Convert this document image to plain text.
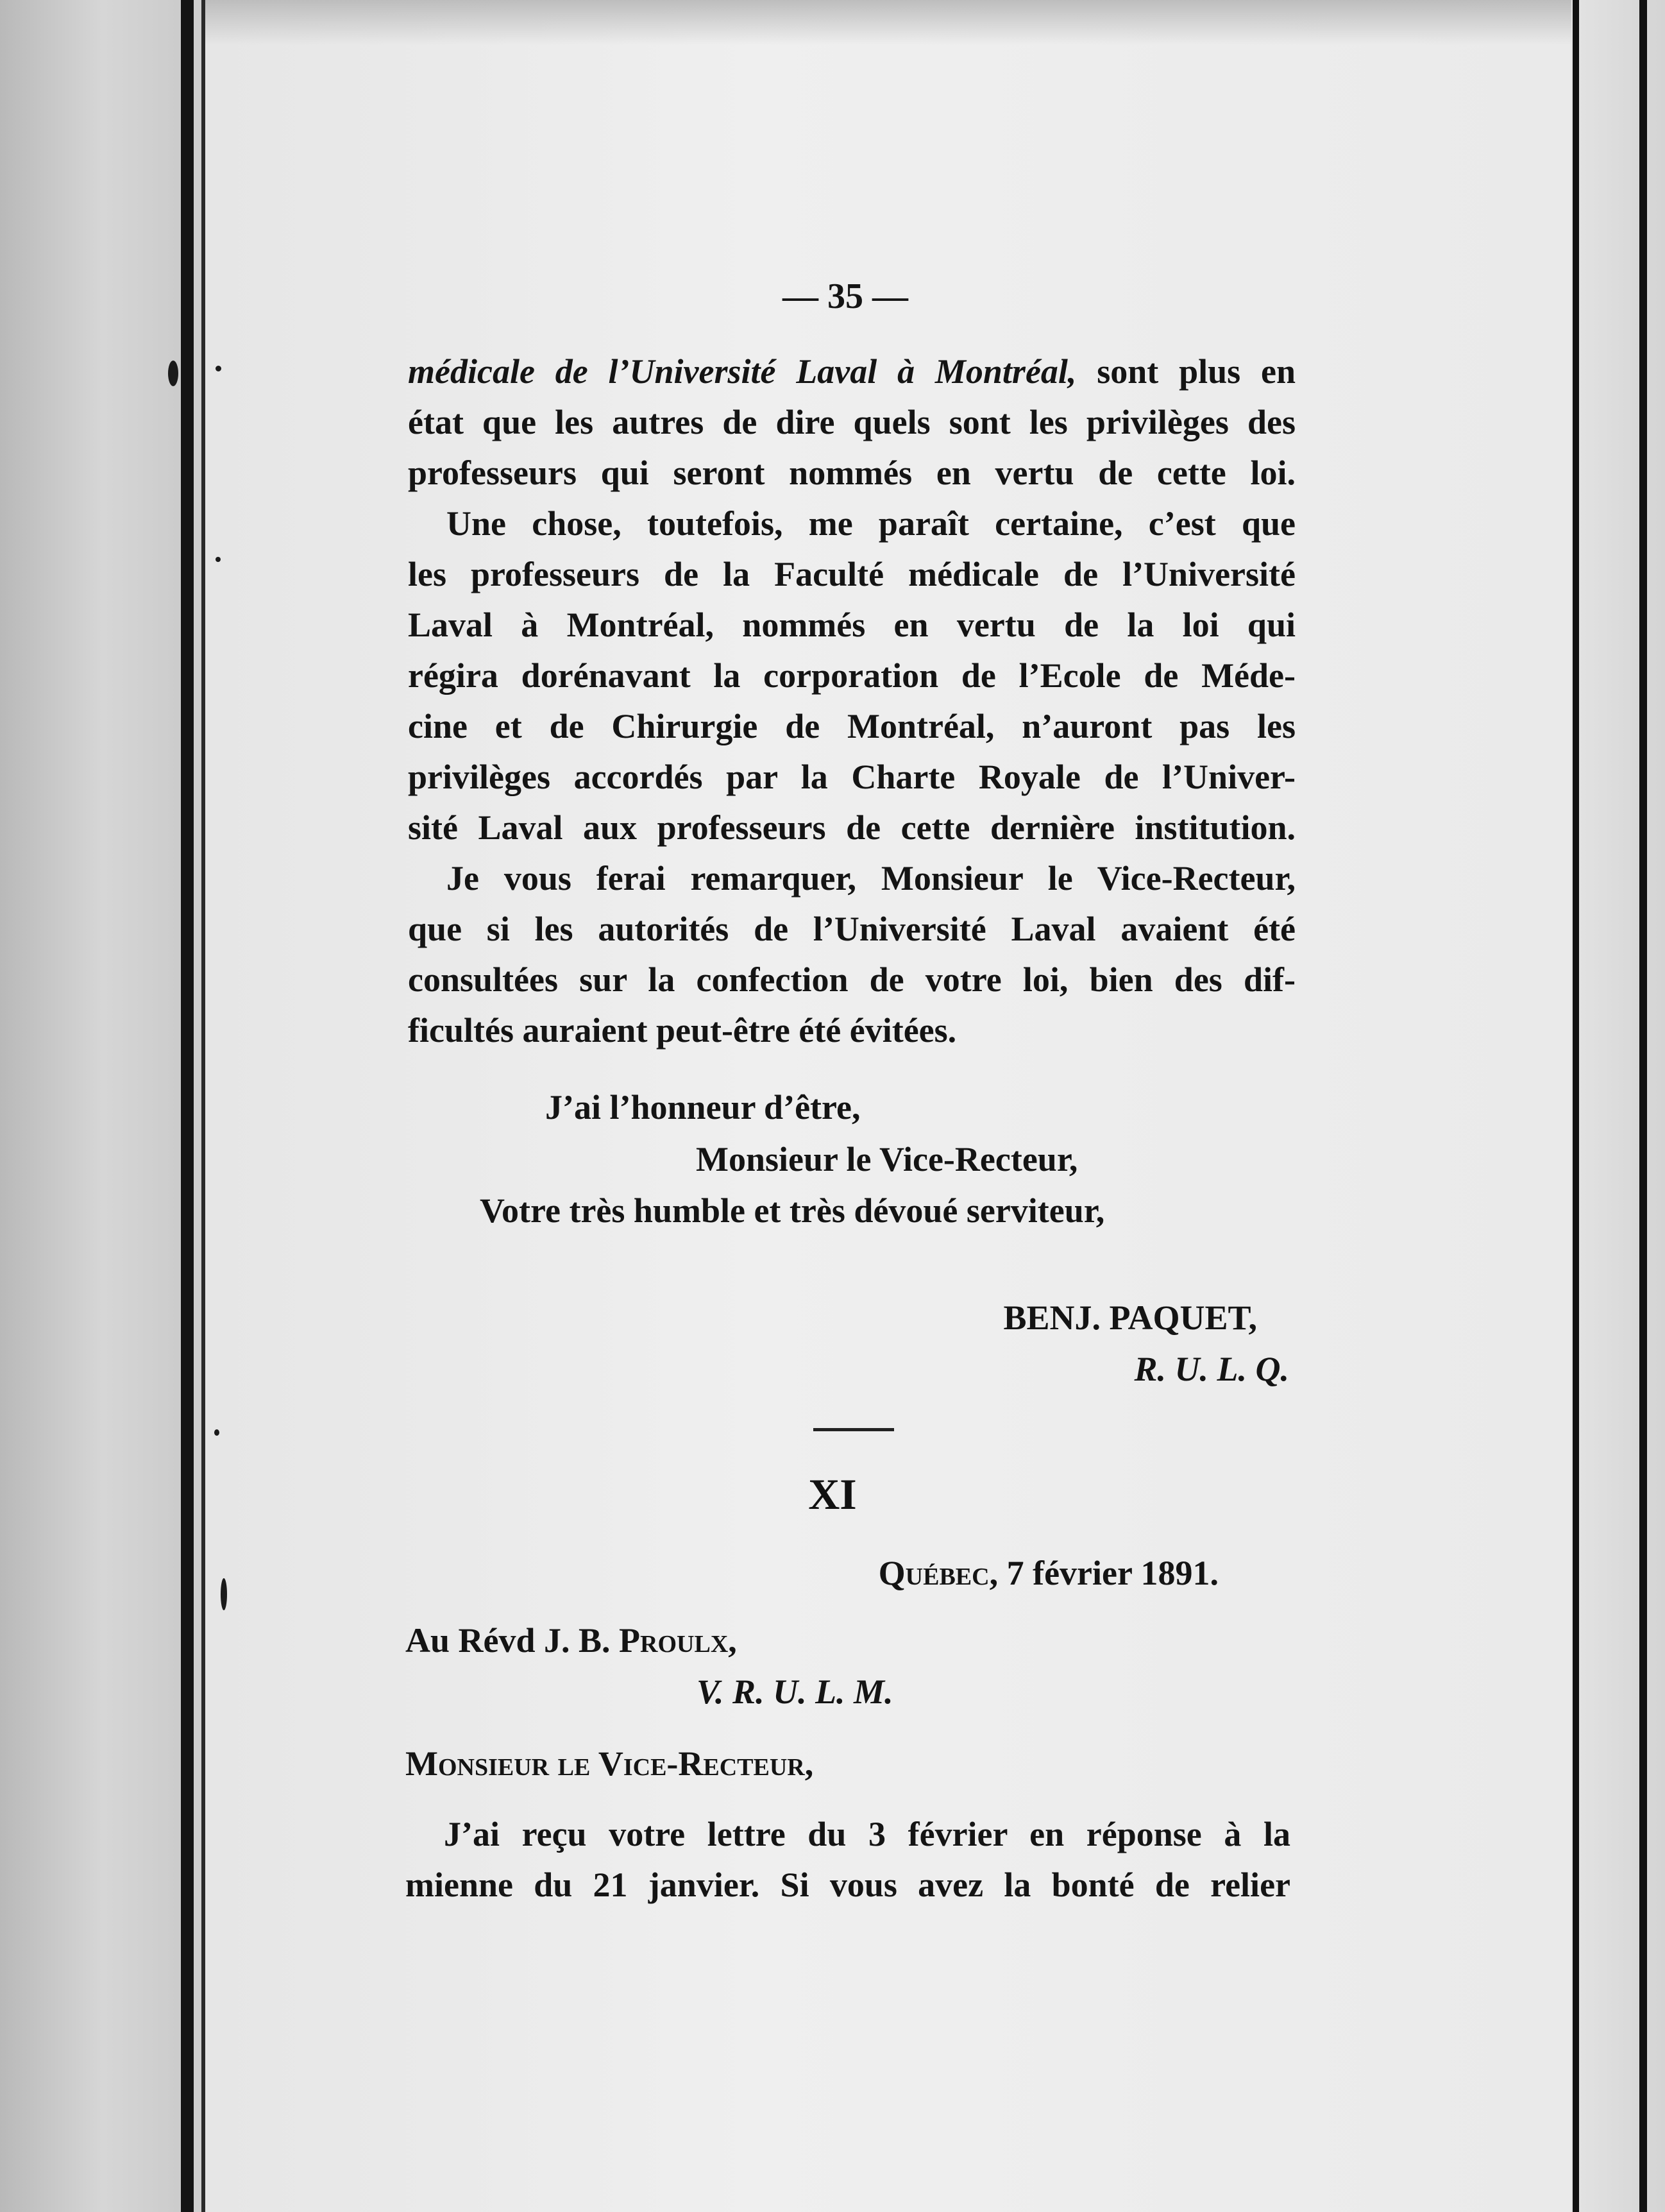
— 35 —
médicale de l’Université Laval à Montréal, sont plus en
état que les autres de dire quels sont les privilèges des
professeurs qui seront nommés en vertu de cette loi.
Une chose, toutefois, me paraît certaine, c’est que
les professeurs de la Faculté médicale de l’Université
Laval à Montréal, nommés en vertu de la loi qui
régira dorénavant la corporation de l’Ecole de Méde-
cine et de Chirurgie de Montréal, n’auront pas les
privilèges accordés par la Charte Royale de l’Univer-
sité Laval aux professeurs de cette dernière institution.
Je vous ferai remarquer, Monsieur le Vice-Recteur,
que si les autorités de l’Université Laval avaient été
consultées sur la confection de votre loi, bien des dif-
ficultés auraient peut-être été évitées.
J’ai l’honneur d’être,
Monsieur le Vice-Recteur,
Votre très humble et très dévoué serviteur,
BENJ. PAQUET,
R. U. L. Q.
XI
Québec, 7 février 1891.
Au Révd J. B. Proulx,
V. R. U. L. M.
Monsieur le Vice-Recteur,
J’ai reçu votre lettre du 3 février en réponse à la
mienne du 21 janvier. Si vous avez la bonté de relier
